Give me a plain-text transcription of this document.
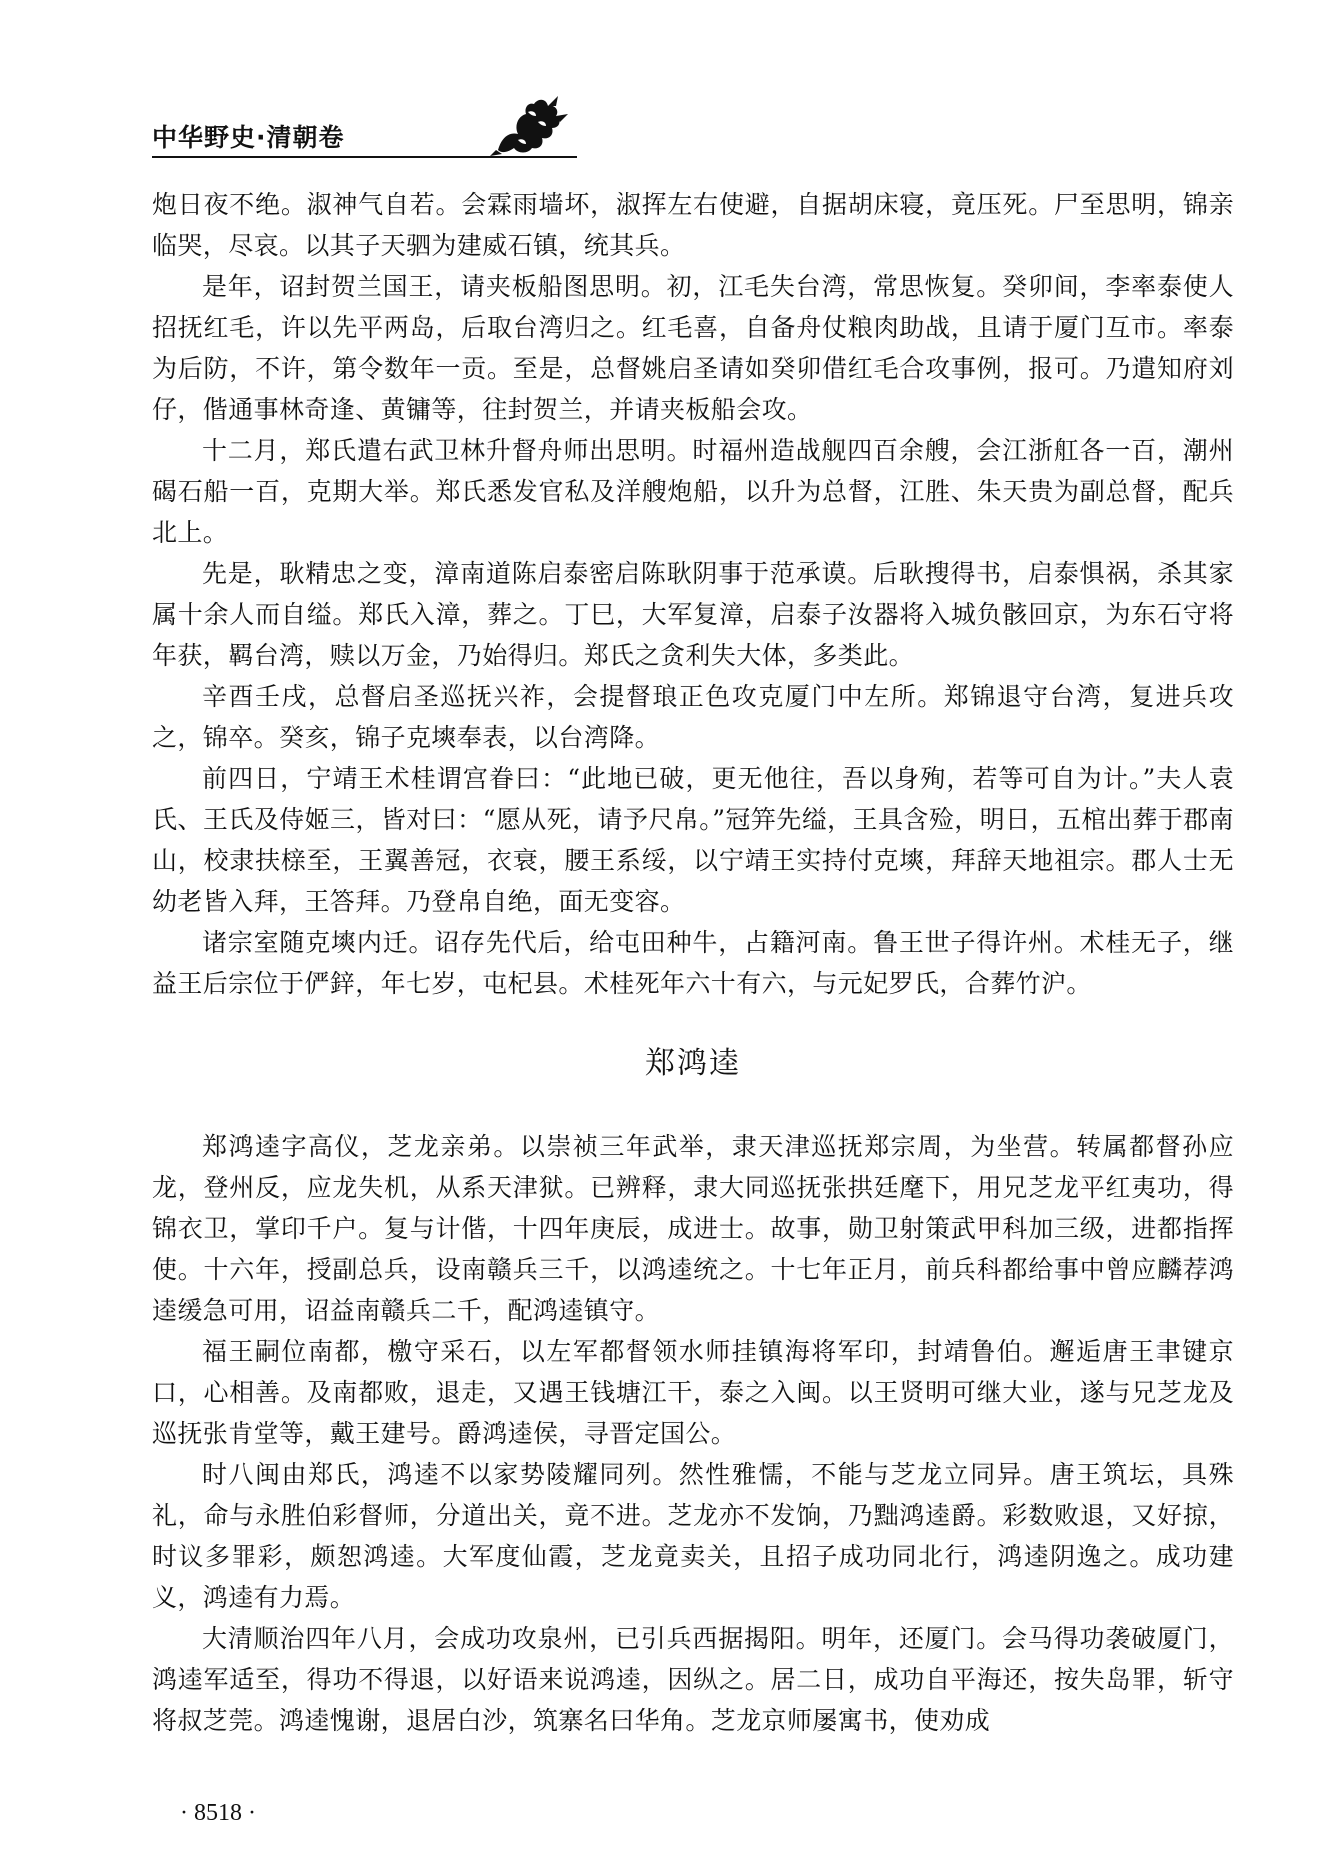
中华野史·清朝卷

炮日夜不绝。淑神气自若。会霖雨墙坏，淑挥左右使避，自据胡床寝，竟压死。尸至思明，锦亲临哭，尽哀。以其子天驷为建威石镇，统其兵。

是年，诏封贺兰国王，请夹板船图思明。初，江毛失台湾，常思恢复。癸卯间，李率泰使人招抚红毛，许以先平两岛，后取台湾归之。红毛喜，自备舟仗粮肉助战，且请于厦门互市。率泰为后防，不许，第令数年一贡。至是，总督姚启圣请如癸卯借红毛合攻事例，报可。乃遣知府刘仔，偕通事林奇逢、黄镛等，往封贺兰，并请夹板船会攻。

十二月，郑氏遣右武卫林升督舟师出思明。时福州造战舰四百余艘，会江浙舡各一百，潮州碣石船一百，克期大举。郑氏悉发官私及洋艘炮船，以升为总督，江胜、朱天贵为副总督，配兵北上。

先是，耿精忠之变，漳南道陈启泰密启陈耿阴事于范承谟。后耿搜得书，启泰惧祸，杀其家属十余人而自缢。郑氏入漳，葬之。丁巳，大军复漳，启泰子汝器将入城负骸回京，为东石守将年获，羁台湾，赎以万金，乃始得归。郑氏之贪利失大体，多类此。

辛酉壬戌，总督启圣巡抚兴祚，会提督琅正色攻克厦门中左所。郑锦退守台湾，复进兵攻之，锦卒。癸亥，锦子克塽奉表，以台湾降。

前四日，宁靖王术桂谓宫眷曰：“此地已破，更无他往，吾以身殉，若等可自为计。”夫人袁氏、王氏及侍姬三，皆对曰：“愿从死，请予尺帛。”冠笄先缢，王具含殓，明日，五棺出葬于郡南山，校隶扶榇至，王翼善冠，衣衰，腰王系绥，以宁靖王实持付克塽，拜辞天地祖宗。郡人士无幼老皆入拜，王答拜。乃登帛自绝，面无变容。

诸宗室随克塽内迁。诏存先代后，给屯田种牛，占籍河南。鲁王世子得许州。术桂无子，继益王后宗位于俨鋅，年七岁，屯杞县。术桂死年六十有六，与元妃罗氏，合葬竹沪。

郑鸿逵

郑鸿逵字高仪，芝龙亲弟。以崇祯三年武举，隶天津巡抚郑宗周，为坐营。转属都督孙应龙，登州反，应龙失机，从系天津狱。已辨释，隶大同巡抚张拱廷麾下，用兄芝龙平红夷功，得锦衣卫，掌印千户。复与计偕，十四年庚辰，成进士。故事，勋卫射策武甲科加三级，进都指挥使。十六年，授副总兵，设南赣兵三千，以鸿逵统之。十七年正月，前兵科都给事中曾应麟荐鸿逵缓急可用，诏益南赣兵二千，配鸿逵镇守。

福王嗣位南都，檄守采石，以左军都督领水师挂镇海将军印，封靖鲁伯。邂逅唐王聿键京口，心相善。及南都败，退走，又遇王钱塘江干，泰之入闽。以王贤明可继大业，遂与兄芝龙及巡抚张肯堂等，戴王建号。爵鸿逵侯，寻晋定国公。

时八闽由郑氏，鸿逵不以家势陵耀同列。然性雅懦，不能与芝龙立同异。唐王筑坛，具殊礼，命与永胜伯彩督师，分道出关，竟不进。芝龙亦不发饷，乃黜鸿逵爵。彩数败退，又好掠，时议多罪彩，颇恕鸿逵。大军度仙霞，芝龙竟卖关，且招子成功同北行，鸿逵阴逸之。成功建义，鸿逵有力焉。

大清顺治四年八月，会成功攻泉州，已引兵西据揭阳。明年，还厦门。会马得功袭破厦门，鸿逵军适至，得功不得退，以好语来说鸿逵，因纵之。居二日，成功自平海还，按失岛罪，斩守将叔芝莞。鸿逵愧谢，退居白沙，筑寨名曰华角。芝龙京师屡寓书，使劝成

· 8518 ·
